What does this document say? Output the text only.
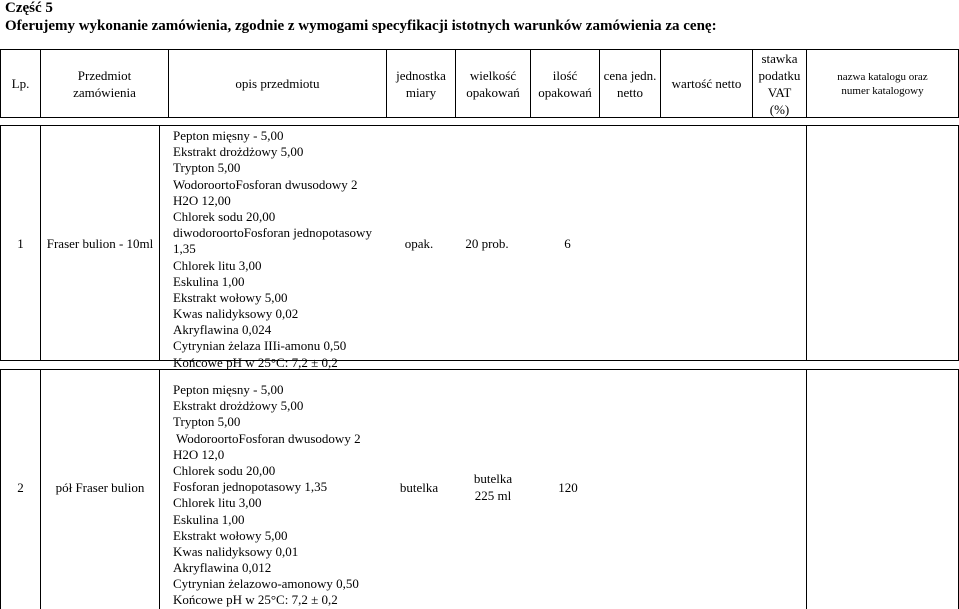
Część 5
Oferujemy wykonanie zamówienia, zgodnie z wymogami specyfikacji istotnych warunków zamówienia za cenę:
Lp.
Przedmiot
zamówienia
opis przedmiotu
jednostka
miary
wielkość
opakowań
ilość
opakowań
cena jedn.
netto
wartość netto
stawka
podatku
VAT
(%)
nazwa katalogu oraz
numer katalogowy
1 Fraser bulion - 10ml
Pepton mięsny - 5,00
Ekstrakt drożdżowy 5,00
Trypton 5,00
WodoroortoFosforan dwusodowy 2
H2O 12,00
Chlorek sodu 20,00
diwodoroortoFosforan jednopotasowy
1,35
Chlorek litu 3,00
Eskulina 1,00
Ekstrakt wołowy 5,00
Kwas nalidyksowy 0,02
Akryflawina 0,024
Cytrynian żelaza IIIi-amonu 0,50
Końcowe pH w 25°C: 7,2 ± 0,2
opak. 20 prob.	6
2 pół Fraser bulion
Pepton mięsny - 5,00
Ekstrakt drożdżowy 5,00
Trypton 5,00
WodoroortoFosforan dwusodowy 2
H2O 12,0
Chlorek sodu 20,00
Fosforan jednopotasowy 1,35
Chlorek litu 3,00
Eskulina 1,00
Ekstrakt wołowy 5,00
Kwas nalidyksowy 0,01
Akryflawina 0,012
Cytrynian żelazowo-amonowy 0,50
Końcowe pH w 25°C: 7,2 ± 0,2
butelka
butelka
225 ml
120
